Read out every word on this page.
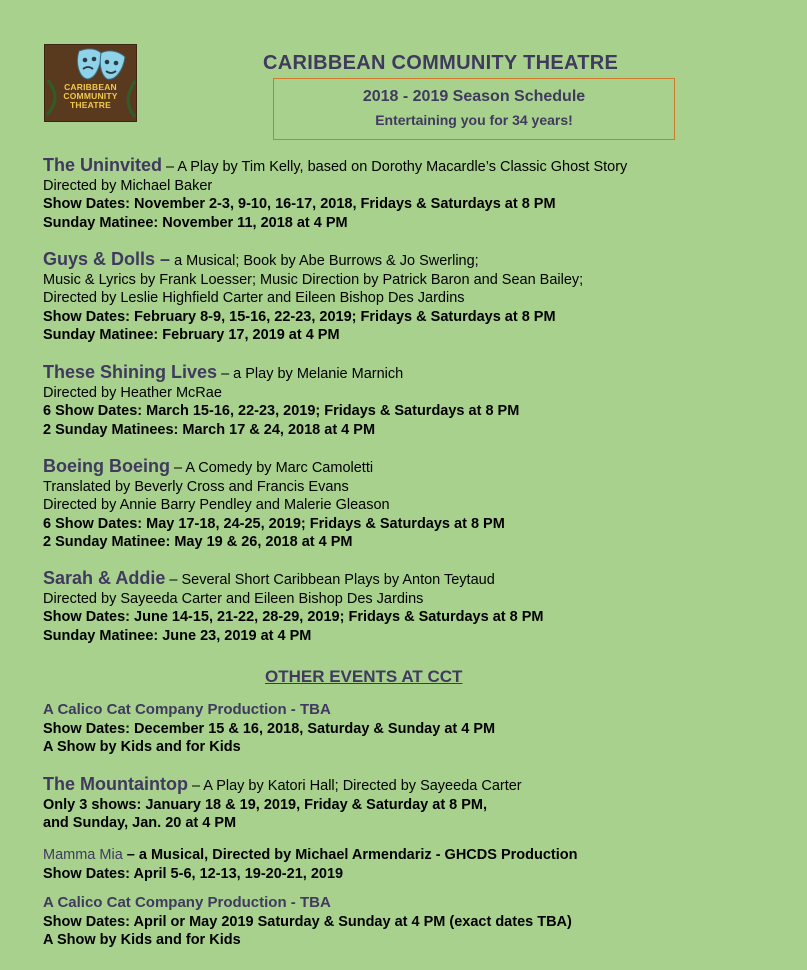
CARIBBEAN
COMMUNITY
THEATRE
CARIBBEAN COMMUNITY THEATRE
2018 - 2019 Season Schedule
Entertaining you for 34 years!
The Uninvited – A Play by Tim Kelly, based on Dorothy Macardle’s Classic Ghost Story
Directed by Michael Baker
Show Dates: November 2-3, 9-10, 16-17, 2018, Fridays & Saturdays at 8 PM
Sunday Matinee: November 11, 2018 at 4 PM
Guys & Dolls – a Musical; Book by Abe Burrows & Jo Swerling;
Music & Lyrics by Frank Loesser; Music Direction by Patrick Baron and Sean Bailey;
Directed by Leslie Highfield Carter and Eileen Bishop Des Jardins
Show Dates: February 8-9, 15-16, 22-23, 2019; Fridays & Saturdays at 8 PM
Sunday Matinee: February 17, 2019 at 4 PM
These Shining Lives – a Play by Melanie Marnich
Directed by Heather McRae
6 Show Dates: March 15-16, 22-23, 2019; Fridays & Saturdays at 8 PM
2 Sunday Matinees: March 17 & 24, 2018 at 4 PM
Boeing Boeing – A Comedy by Marc Camoletti
Translated by Beverly Cross and Francis Evans
Directed by Annie Barry Pendley and Malerie Gleason
6 Show Dates: May 17-18, 24-25, 2019; Fridays & Saturdays at 8 PM
2 Sunday Matinee: May 19 & 26, 2018 at 4 PM
Sarah & Addie – Several Short Caribbean Plays by Anton Teytaud
Directed by Sayeeda Carter and Eileen Bishop Des Jardins
Show Dates: June 14-15, 21-22, 28-29, 2019; Fridays & Saturdays at 8 PM
Sunday Matinee: June 23, 2019 at 4 PM
OTHER EVENTS AT CCT
A Calico Cat Company Production - TBA
Show Dates: December 15 & 16, 2018, Saturday & Sunday at 4 PM
A Show by Kids and for Kids
The Mountaintop – A Play by Katori Hall; Directed by Sayeeda Carter
Only 3 shows: January 18 & 19, 2019, Friday & Saturday at 8 PM,
and Sunday, Jan. 20 at 4 PM
Mamma Mia – a Musical, Directed by Michael Armendariz - GHCDS Production
Show Dates: April 5-6, 12-13, 19-20-21, 2019
A Calico Cat Company Production - TBA
Show Dates: April or May 2019 Saturday & Sunday at 4 PM (exact dates TBA)
A Show by Kids and for Kids
